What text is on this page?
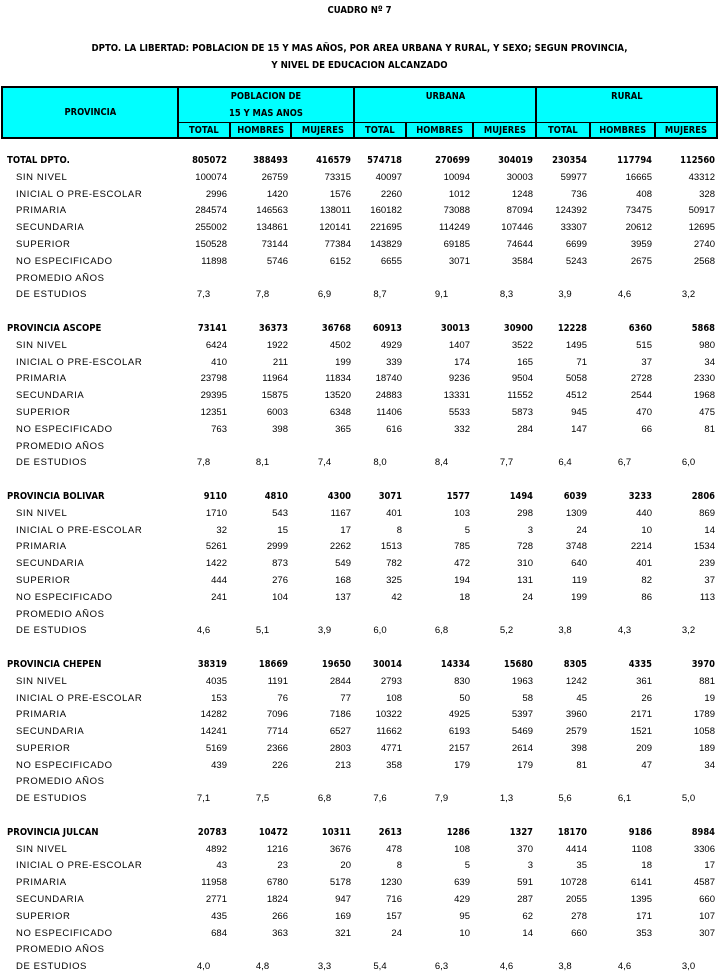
CUADRO Nº 7
DPTO. LA LIBERTAD: POBLACION DE 15 Y MAS AÑOS, POR AREA URBANA Y RURAL, Y SEXO; SEGUN PROVINCIA,
Y NIVEL DE EDUCACION ALCANZADO
PROVINCIA	POBLACION DE
15 Y MAS AÑOS			URBANA			RURAL		

	TOTAL	HOMBRES	MUJERES	TOTAL	HOMBRES	MUJERES	TOTAL	HOMBRES	MUJERES
TOTAL DPTO.	805072	388493	416579	574718	270699	304019	230354	117794	112560
SIN NIVEL	100074	26759	73315	40097	10094	30003	59977	16665	43312
INICIAL O PRE-ESCOLAR	2996	1420	1576	2260	1012	1248	736	408	328
PRIMARIA	284574	146563	138011	160182	73088	87094	124392	73475	50917
SECUNDARIA	255002	134861	120141	221695	114249	107446	33307	20612	12695
SUPERIOR	150528	73144	77384	143829	69185	74644	6699	3959	2740
NO ESPECIFICADO	11898	5746	6152	6655	3071	3584	5243	2675	2568
PROMEDIO AÑOS
DE ESTUDIOS	7,3	7,8	6,9	8,7	9,1	8,3	3,9	4,6	3,2
PROVINCIA ASCOPE	73141	36373	36768	60913	30013	30900	12228	6360	5868
SIN NIVEL	6424	1922	4502	4929	1407	3522	1495	515	980
INICIAL O PRE-ESCOLAR	410	211	199	339	174	165	71	37	34
PRIMARIA	23798	11964	11834	18740	9236	9504	5058	2728	2330
SECUNDARIA	29395	15875	13520	24883	13331	11552	4512	2544	1968
SUPERIOR	12351	6003	6348	11406	5533	5873	945	470	475
NO ESPECIFICADO	763	398	365	616	332	284	147	66	81
PROMEDIO AÑOS
DE ESTUDIOS	7,8	8,1	7,4	8,0	8,4	7,7	6,4	6,7	6,0
PROVINCIA BOLIVAR	9110	4810	4300	3071	1577	1494	6039	3233	2806
SIN NIVEL	1710	543	1167	401	103	298	1309	440	869
INICIAL O PRE-ESCOLAR	32	15	17	8	5	3	24	10	14
PRIMARIA	5261	2999	2262	1513	785	728	3748	2214	1534
SECUNDARIA	1422	873	549	782	472	310	640	401	239
SUPERIOR	444	276	168	325	194	131	119	82	37
NO ESPECIFICADO	241	104	137	42	18	24	199	86	113
PROMEDIO AÑOS
DE ESTUDIOS	4,6	5,1	3,9	6,0	6,8	5,2	3,8	4,3	3,2
PROVINCIA CHEPEN	38319	18669	19650	30014	14334	15680	8305	4335	3970
SIN NIVEL	4035	1191	2844	2793	830	1963	1242	361	881
INICIAL O PRE-ESCOLAR	153	76	77	108	50	58	45	26	19
PRIMARIA	14282	7096	7186	10322	4925	5397	3960	2171	1789
SECUNDARIA	14241	7714	6527	11662	6193	5469	2579	1521	1058
SUPERIOR	5169	2366	2803	4771	2157	2614	398	209	189
NO ESPECIFICADO	439	226	213	358	179	179	81	47	34
PROMEDIO AÑOS
DE ESTUDIOS	7,1	7,5	6,8	7,6	7,9	1,3	5,6	6,1	5,0
PROVINCIA JULCAN	20783	10472	10311	2613	1286	1327	18170	9186	8984
SIN NIVEL	4892	1216	3676	478	108	370	4414	1108	3306
INICIAL O PRE-ESCOLAR	43	23	20	8	5	3	35	18	17
PRIMARIA	11958	6780	5178	1230	639	591	10728	6141	4587
SECUNDARIA	2771	1824	947	716	429	287	2055	1395	660
SUPERIOR	435	266	169	157	95	62	278	171	107
NO ESPECIFICADO	684	363	321	24	10	14	660	353	307
PROMEDIO AÑOS
DE ESTUDIOS	4,0	4,8	3,3	5,4	6,3	4,6	3,8	4,6	3,0
